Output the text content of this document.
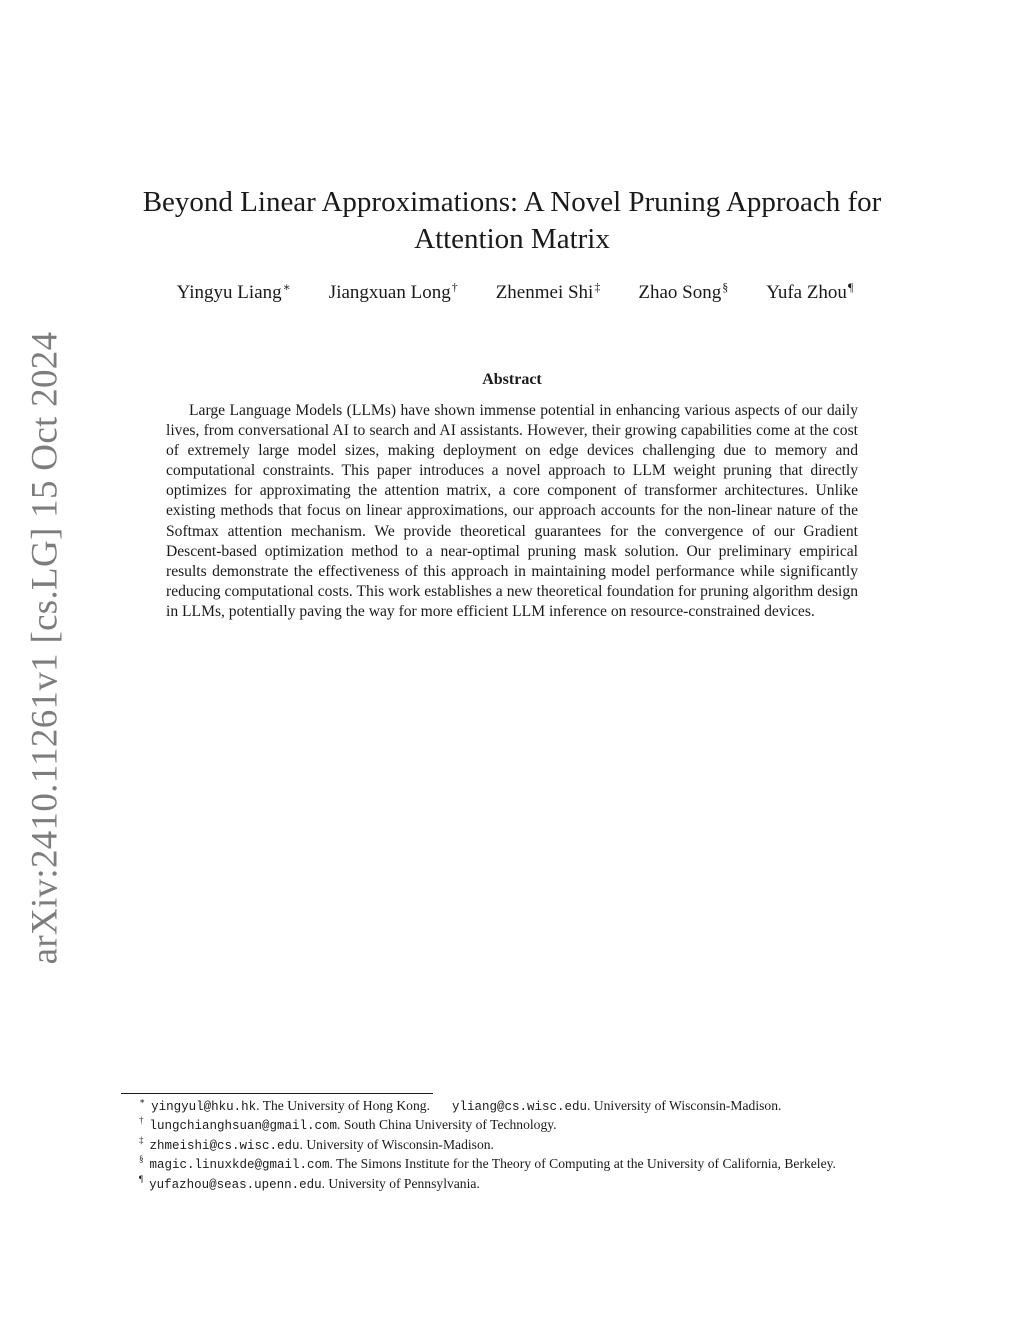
arXiv:2410.11261v1 [cs.LG] 15 Oct 2024
Beyond Linear Approximations: A Novel Pruning Approach for
Attention Matrix
Yingyu Liang∗ Jiangxuan Long† Zhenmei Shi‡ Zhao Song§ Yufa Zhou¶
Abstract

Large Language Models (LLMs) have shown immense potential in enhancing various aspects of our daily lives, from conversational AI to search and AI assistants. However, their growing capabilities come at the cost of extremely large model sizes, making deployment on edge devices challenging due to memory and computational constraints. This paper introduces a novel approach to LLM weight pruning that directly optimizes for approximating the attention matrix, a core component of transformer architectures. Unlike existing methods that focus on linear approximations, our approach accounts for the non-linear nature of the Softmax attention mechanism. We provide theoretical guarantees for the convergence of our Gradient Descent-based optimization method to a near-optimal pruning mask solution. Our preliminary empirical results demonstrate the effectiveness of this approach in maintaining model performance while significantly reducing computational costs. This work establishes a new theoretical foundation for pruning algorithm design in LLMs, potentially paving the way for more efficient LLM inference on resource-constrained devices.

∗ yingyul@hku.hk. The University of Hong Kong. yliang@cs.wisc.edu. University of Wisconsin-Madison.

† lungchianghsuan@gmail.com. South China University of Technology.

‡ zhmeishi@cs.wisc.edu. University of Wisconsin-Madison.

§ magic.linuxkde@gmail.com. The Simons Institute for the Theory of Computing at the University of California, Berkeley.

¶ yufazhou@seas.upenn.edu. University of Pennsylvania.
